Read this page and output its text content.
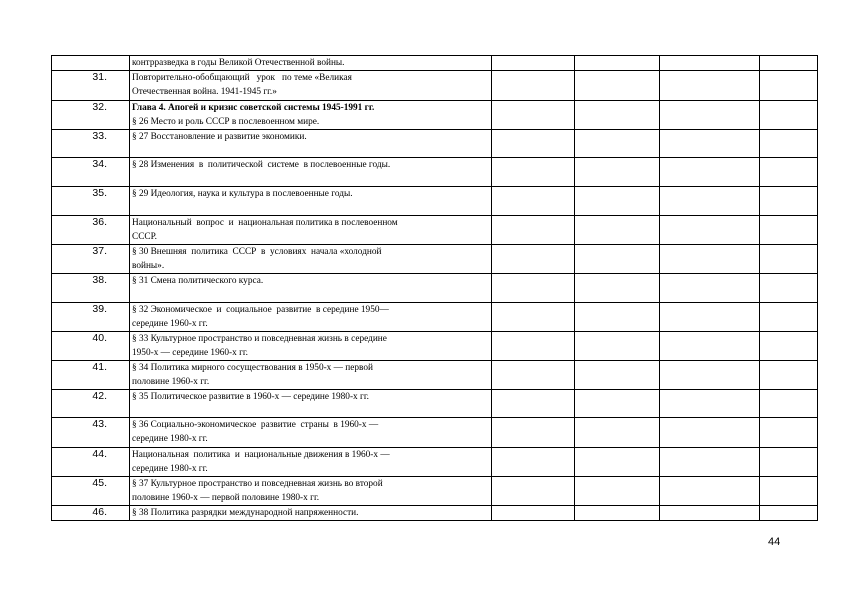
	контрразведка в годы Великой Отечественной войны.				

31.	Повторительно-обобщающий   урок   по теме «Великая
Отечественная война. 1941-1945 гг.»				

32.	Глава 4. Апогей и кризис советской системы 1945-1991 гг.
§ 26 Место и роль СССР в послевоенном мире.				

33.	§ 27 Восстановление и развитие экономики.				

34.	§ 28 Изменения  в  политической  системе  в послевоенные годы.				

35.	§ 29 Идеология, наука и культура в послевоенные годы.				

36.	Национальный  вопрос  и  национальная политика в послевоенном
СССР.				

37.	§ 30 Внешняя  политика  СССР  в  условиях  начала «холодной
войны».				

38.	§ 31 Смена политического курса.				

39.	§ 32 Экономическое  и  социальное  развитие  в середине 1950—
середине 1960-х гг.				

40.	§ 33 Культурное пространство и повседневная жизнь в середине
1950-х — середине 1960-х гг.				

41.	§ 34 Политика мирного сосуществования в 1950-х — первой
половине 1960-х гг.				

42.	§ 35 Политическое развитие в 1960-х — середине 1980-х гг.				

43.	§ 36 Социально-экономическое  развитие  страны  в 1960-х —
середине 1980-х гг.				

44.	Национальная  политика  и  национальные движения в 1960-х —
середине 1980-х гг.				

45.	§ 37 Культурное пространство и повседневная жизнь во второй
половине 1960-х — первой половине 1980-х гг.				

46.	§ 38 Политика разрядки международной напряженности.				

44
